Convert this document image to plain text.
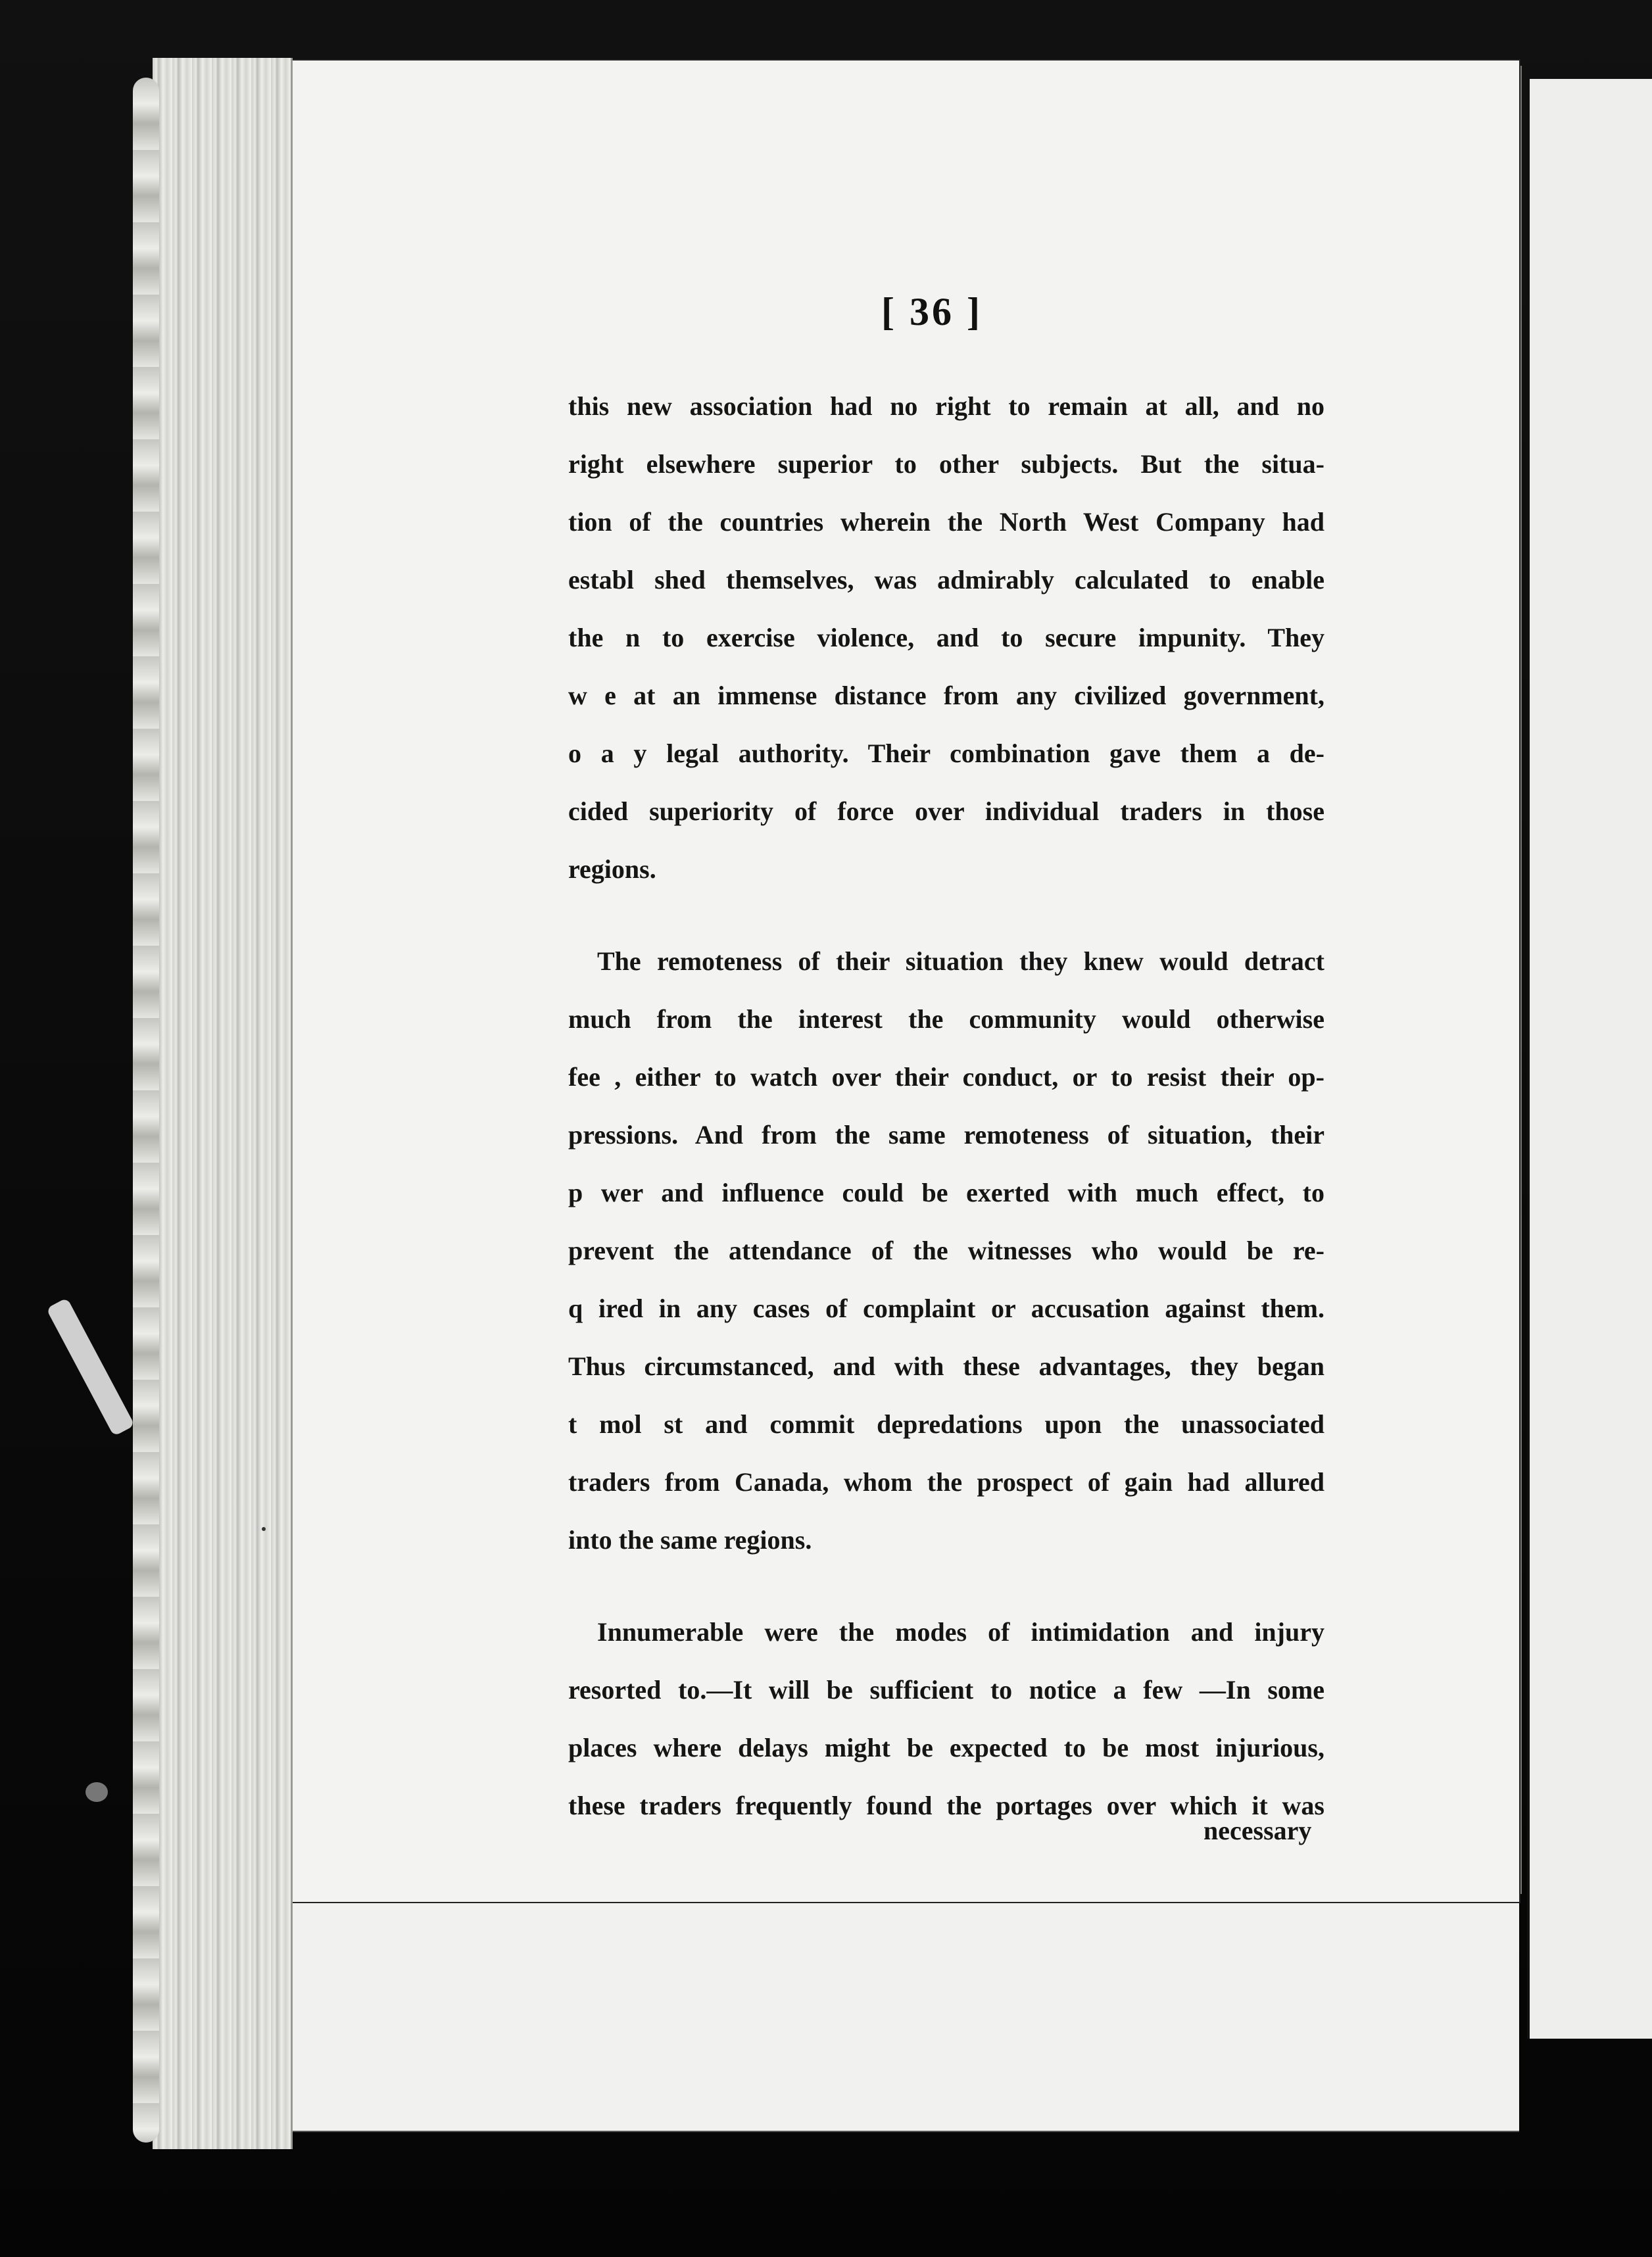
[ 36 ]
this new association had no right to remain at all, and no
right elsewhere superior to other subjects. But the situa-
tion of the countries wherein the North West Company had
establ shed themselves, was admirably calculated to enable
the n to exercise violence, and to secure impunity. They
w e at an immense distance from any civilized government,
o a y legal authority. Their combination gave them a de-
cided superiority of force over individual traders in those
regions.
The remoteness of their situation they knew would detract
much from the interest the community would otherwise
fee , either to watch over their conduct, or to resist their op-
pressions. And from the same remoteness of situation, their
p wer and influence could be exerted with much effect, to
prevent the attendance of the witnesses who would be re-
q ired in any cases of complaint or accusation against them.
Thus circumstanced, and with these advantages, they began
t mol st and commit depredations upon the unassociated
traders from Canada, whom the prospect of gain had allured
into the same regions.
Innumerable were the modes of intimidation and injury
resorted to.—It will be sufficient to notice a few —In some
places where delays might be expected to be most injurious,
these traders frequently found the portages over which it was
necessary
